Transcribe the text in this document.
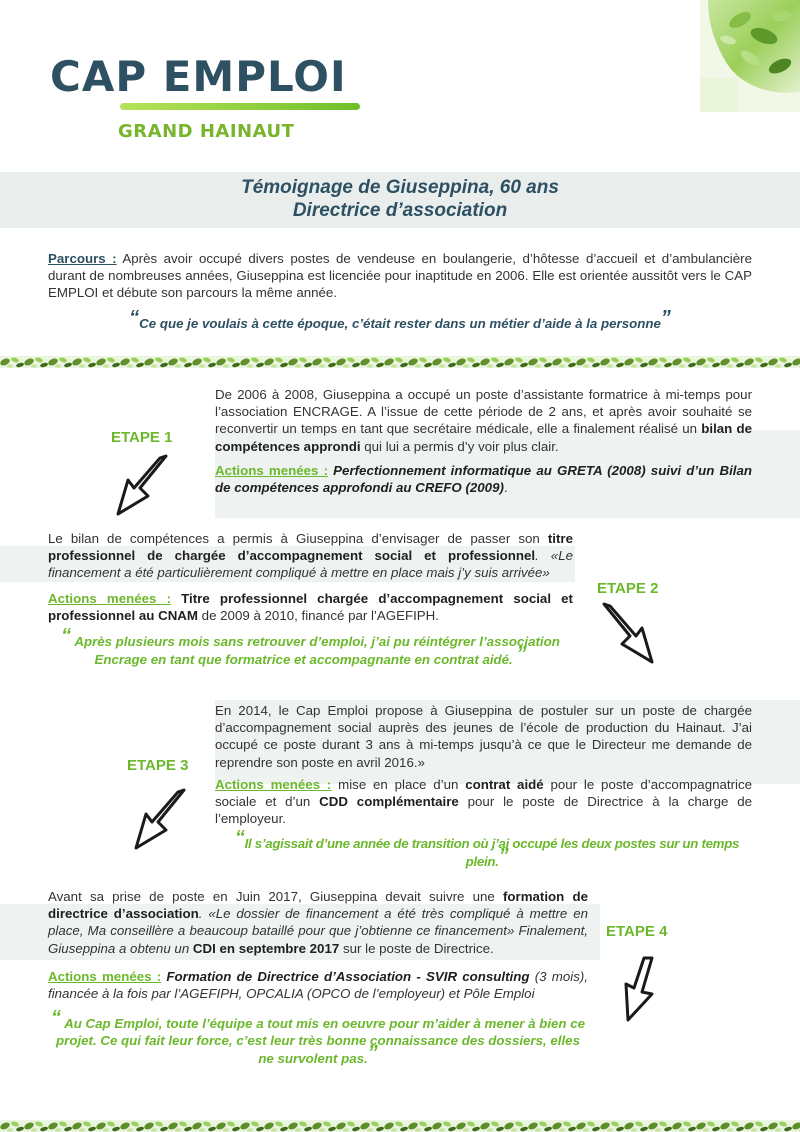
CAP EMPLOI
GRAND HAINAUT
Témoignage de Giuseppina, 60 ans
Directrice d’association
Parcours : Après avoir occupé divers postes de vendeuse en boulangerie, d’hôtesse d’accueil et d’ambulancière durant de nombreuses années, Giuseppina est licenciée pour inaptitude en 2006. Elle est orientée aussitôt vers le CAP EMPLOI et débute son parcours la même année.
“Ce que je voulais à cette époque, c’était rester dans un métier d’aide à la personne”
ETAPE 1
De 2006 à 2008, Giuseppina a occupé un poste d’assistante formatrice à mi-temps pour l’association ENCRAGE. A l’issue de cette période de 2 ans, et après avoir souhaité se reconvertir un temps en tant que secrétaire médicale, elle a finalement réalisé un bilan de compétences approndi qui lui a permis d’y voir plus clair.
Actions menées : Perfectionnement informatique au GRETA (2008) suivi d’un Bilan de compétences approfondi au CREFO (2009).
Le bilan de compétences a permis à Giuseppina d’envisager de passer son titre professionnel de chargée d’accompagnement social et professionnel. «Le financement a été particulièrement compliqué à mettre en place mais j’y suis arrivée»
Actions menées : Titre professionnel chargée d’accompagnement social et professionnel au CNAM de 2009 à 2010, financé par l’AGEFIPH.
“ Après plusieurs mois sans retrouver d’emploi, j’ai pu réintégrer l’association Encrage en tant que formatrice et accompagnante en contrat aidé. ”
ETAPE 2
ETAPE 3
En 2014, le Cap Emploi propose à Giuseppina de postuler sur un poste de chargée d’accompagnement social auprès des jeunes de l’école de production du Hainaut. J’ai occupé ce poste durant 3 ans à mi-temps jusqu’à ce que le Directeur me demande de reprendre son poste en avril 2016.»
Actions menées : mise en place d’un contrat aidé pour le poste d’accompagnatrice sociale et d’un CDD complémentaire pour le poste de Directrice à la charge de l’employeur.
“Il s’agissait d’une année de transition où j’ai occupé les deux postes sur un temps plein.”
Avant sa prise de poste en Juin 2017, Giuseppina devait suivre une formation de directrice d’association. «Le dossier de financement a été très compliqué à mettre en place, Ma conseillère a beaucoup bataillé pour que j’obtienne ce financement» Finalement, Giuseppina a obtenu un CDI en septembre 2017 sur le poste de Directrice.
Actions menées : Formation de Directrice d’Association - SVIR consulting (3 mois), financée à la fois par l’AGEFIPH, OPCALIA (OPCO de l’employeur) et Pôle Emploi
“ Au Cap Emploi, toute l’équipe a tout mis en oeuvre pour m’aider à mener à bien ce projet. Ce qui fait leur force, c’est leur très bonne connaissance des dossiers, elles ne survolent pas.”
ETAPE 4
